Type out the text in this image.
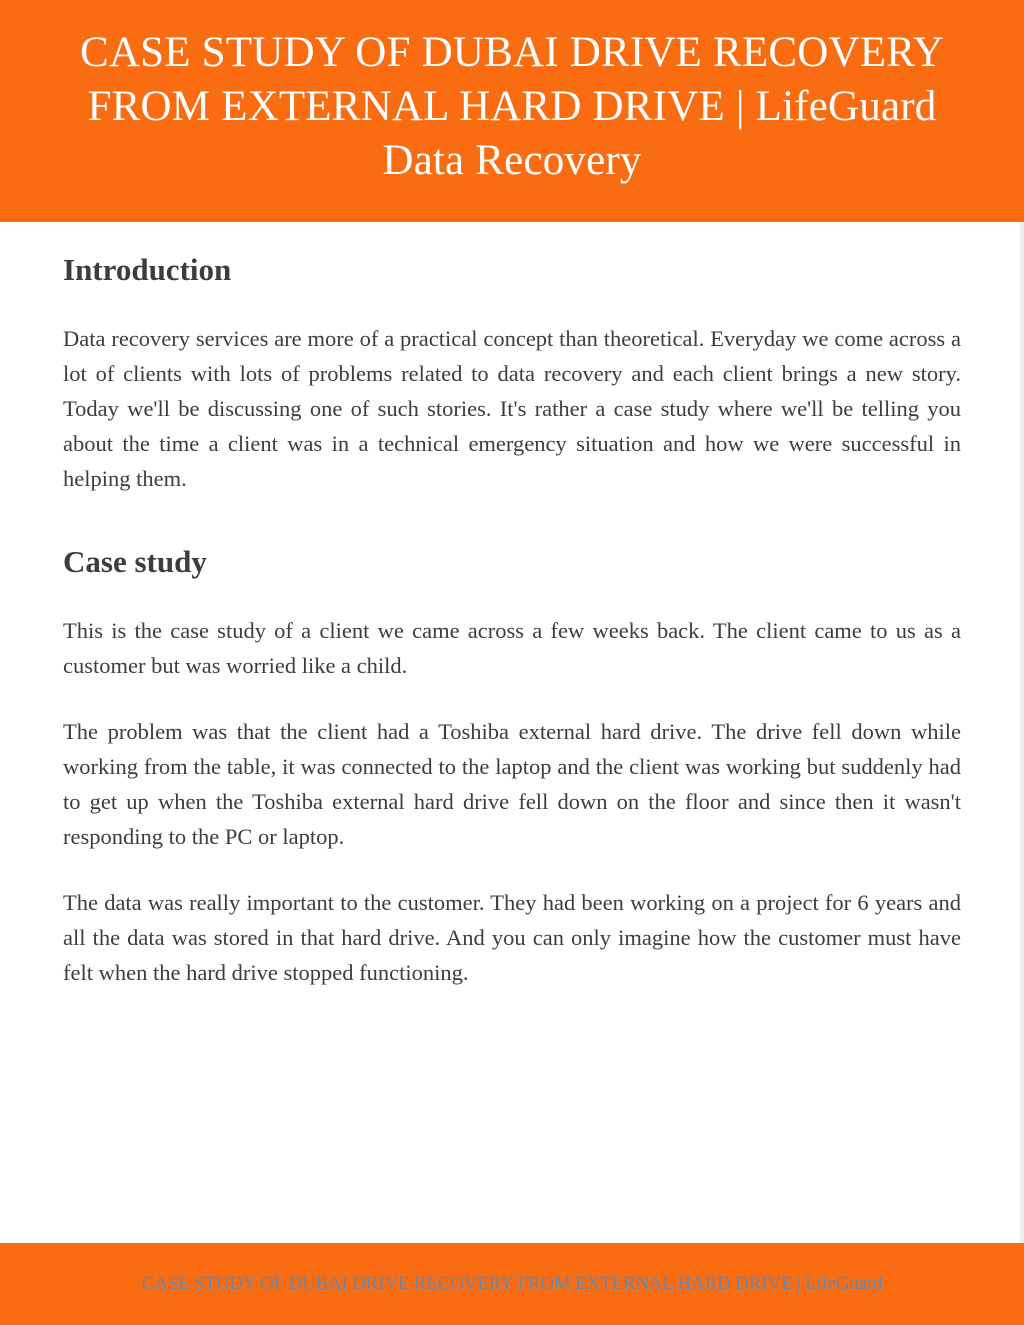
CASE STUDY OF DUBAI DRIVE RECOVERY FROM EXTERNAL HARD DRIVE | LifeGuard Data Recovery
Introduction

Data recovery services are more of a practical concept than theoretical. Everyday we come across a lot of clients with lots of problems related to data recovery and each client brings a new story. Today we'll be discussing one of such stories. It's rather a case study where we'll be telling you about the time a client was in a technical emergency situation and how we were successful in helping them.

Case study

This is the case study of a client we came across a few weeks back. The client came to us as a customer but was worried like a child.

The problem was that the client had a Toshiba external hard drive. The drive fell down while working from the table, it was connected to the laptop and the client was working but suddenly had to get up when the Toshiba external hard drive fell down on the floor and since then it wasn't responding to the PC or laptop.

The data was really important to the customer. They had been working on a project for 6 years and all the data was stored in that hard drive. And you can only imagine how the customer must have felt when the hard drive stopped functioning.

CASE STUDY OF DUBAI DRIVE RECOVERY FROM EXTERNAL HARD DRIVE | LifeGuard
